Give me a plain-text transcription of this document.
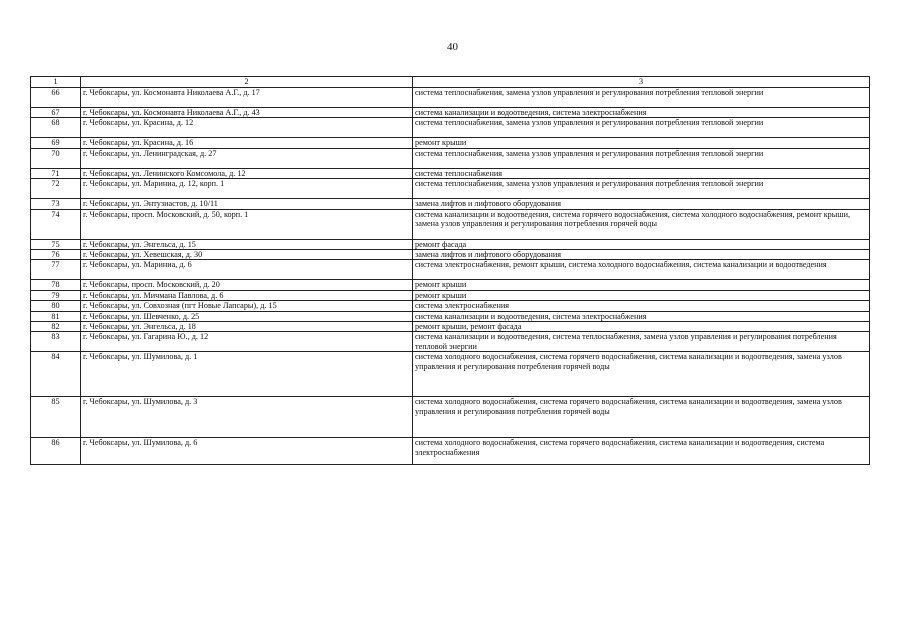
40
1	2	3
66	г. Чебоксары, ул. Космонавта Николаева А.Г., д. 17	система теплоснабжения, замена узлов управления и регулирования потребления тепловой энергии
67	г. Чебоксары, ул. Космонавта Николаева А.Г., д. 43	система канализации и водоотведения, система электроснабжения
68	г. Чебоксары, ул. Красина, д. 12	система теплоснабжения, замена узлов управления и регулирования потребления тепловой энергии
69	г. Чебоксары, ул. Красина, д. 16	ремонт крыши
70	г. Чебоксары, ул. Ленинградская, д. 27	система теплоснабжения, замена узлов управления и регулирования потребления тепловой энергии
71	г. Чебоксары, ул. Ленинского Комсомола, д. 12	система теплоснабжения
72	г. Чебоксары, ул. Мариниа, д. 12, корп. 1	система теплоснабжения, замена узлов управления и регулирования потребления тепловой энергии
73	г. Чебоксары, ул. Энтузиастов, д. 10/11	замена лифтов и лифтового оборудования
74	г. Чебоксары, просп. Московский, д. 50, корп. 1	система канализации и водоотведения, система горячего водоснабжения, система холодного водоснабжения, ремонт крыши, замена узлов управления и регулирования потребления горячей воды
75	г. Чебоксары, ул. Энгельса, д. 15	ремонт фасада
76	г. Чебоксары, ул. Хевешская, д. 30	замена лифтов и лифтового оборудования
77	г. Чебоксары, ул. Мариниа, д. 6	система электроснабжения, ремонт крыши, система холодного водоснабжения, система канализации и водоотведения
78	г. Чебоксары, просп. Московский, д. 20	ремонт крыши
79	г. Чебоксары, ул. Мичмана Павлова, д. 6	ремонт крыши
80	г. Чебоксары, ул. Совхозная (пгт Новые Лапсары), д. 15	система электроснабжения
81	г. Чебоксары, ул. Шевченко, д. 25	система канализации и водоотведения, система электроснабжения
82	г. Чебоксары, ул. Энгельса, д. 18	ремонт крыши, ремонт фасада
83	г. Чебоксары, ул. Гагарина Ю., д. 12	система канализации и водоотведения, система теплоснабжения, замена узлов управления и регулирования потребления тепловой энергии
84	г. Чебоксары, ул. Шумилова, д. 1	система холодного водоснабжения, система горячего водоснабжения, система канализации и водоотведения, замена узлов управления и регулирования потребления горячей воды
85	г. Чебоксары, ул. Шумилова, д. 3	система холодного водоснабжения, система горячего водоснабжения, система канализации и водоотведения, замена узлов управления и регулирования потребления горячей воды
86	г. Чебоксары, ул. Шумилова, д. 6	система холодного водоснабжения, система горячего водоснабжения, система канализации и водоотведения, система электроснабжения
